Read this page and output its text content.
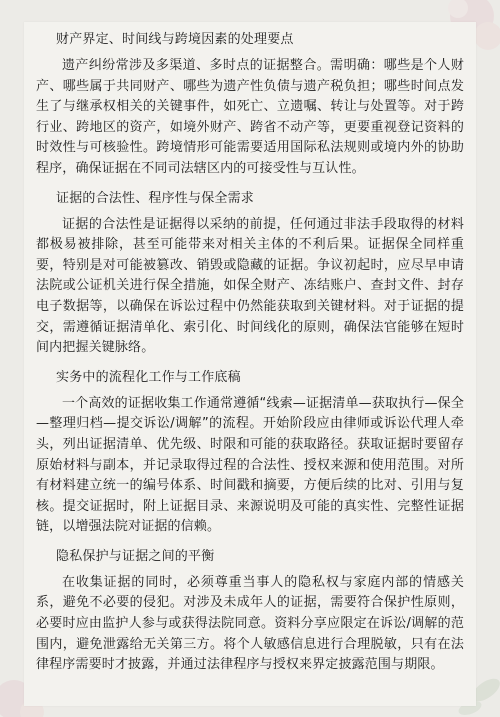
财产界定、时间线与跨境因素的处理要点

遗产纠纷常涉及多渠道、多时点的证据整合。需明确：哪些是个人财产、哪些属于共同财产、哪些为遗产性负债与遗产税负担；哪些时间点发生了与继承权相关的关键事件，如死亡、立遗嘱、转让与处置等。对于跨行业、跨地区的资产，如境外财产、跨省不动产等，更要重视登记资料的时效性与可核验性。跨境情形可能需要适用国际私法规则或境内外的协助程序，确保证据在不同司法辖区内的可接受性与互认性。

证据的合法性、程序性与保全需求

证据的合法性是证据得以采纳的前提，任何通过非法手段取得的材料都极易被排除，甚至可能带来对相关主体的不利后果。证据保全同样重要，特别是对可能被篡改、销毁或隐藏的证据。争议初起时，应尽早申请法院或公证机关进行保全措施，如保全财产、冻结账户、查封文件、封存电子数据等，以确保在诉讼过程中仍然能获取到关键材料。对于证据的提交，需遵循证据清单化、索引化、时间线化的原则，确保法官能够在短时间内把握关键脉络。

实务中的流程化工作与工作底稿

一个高效的证据收集工作通常遵循“线索—证据清单—获取执行—保全—整理归档—提交诉讼/调解”的流程。开始阶段应由律师或诉讼代理人牵头，列出证据清单、优先级、时限和可能的获取路径。获取证据时要留存原始材料与副本，并记录取得过程的合法性、授权来源和使用范围。对所有材料建立统一的编号体系、时间戳和摘要，方便后续的比对、引用与复核。提交证据时，附上证据目录、来源说明及可能的真实性、完整性证据链，以增强法院对证据的信赖。

隐私保护与证据之间的平衡

在收集证据的同时，必须尊重当事人的隐私权与家庭内部的情感关系，避免不必要的侵犯。对涉及未成年人的证据，需要符合保护性原则，必要时应由监护人参与或获得法院同意。资料分享应限定在诉讼/调解的范围内，避免泄露给无关第三方。将个人敏感信息进行合理脱敏，只有在法律程序需要时才披露，并通过法律程序与授权来界定披露范围与期限。
